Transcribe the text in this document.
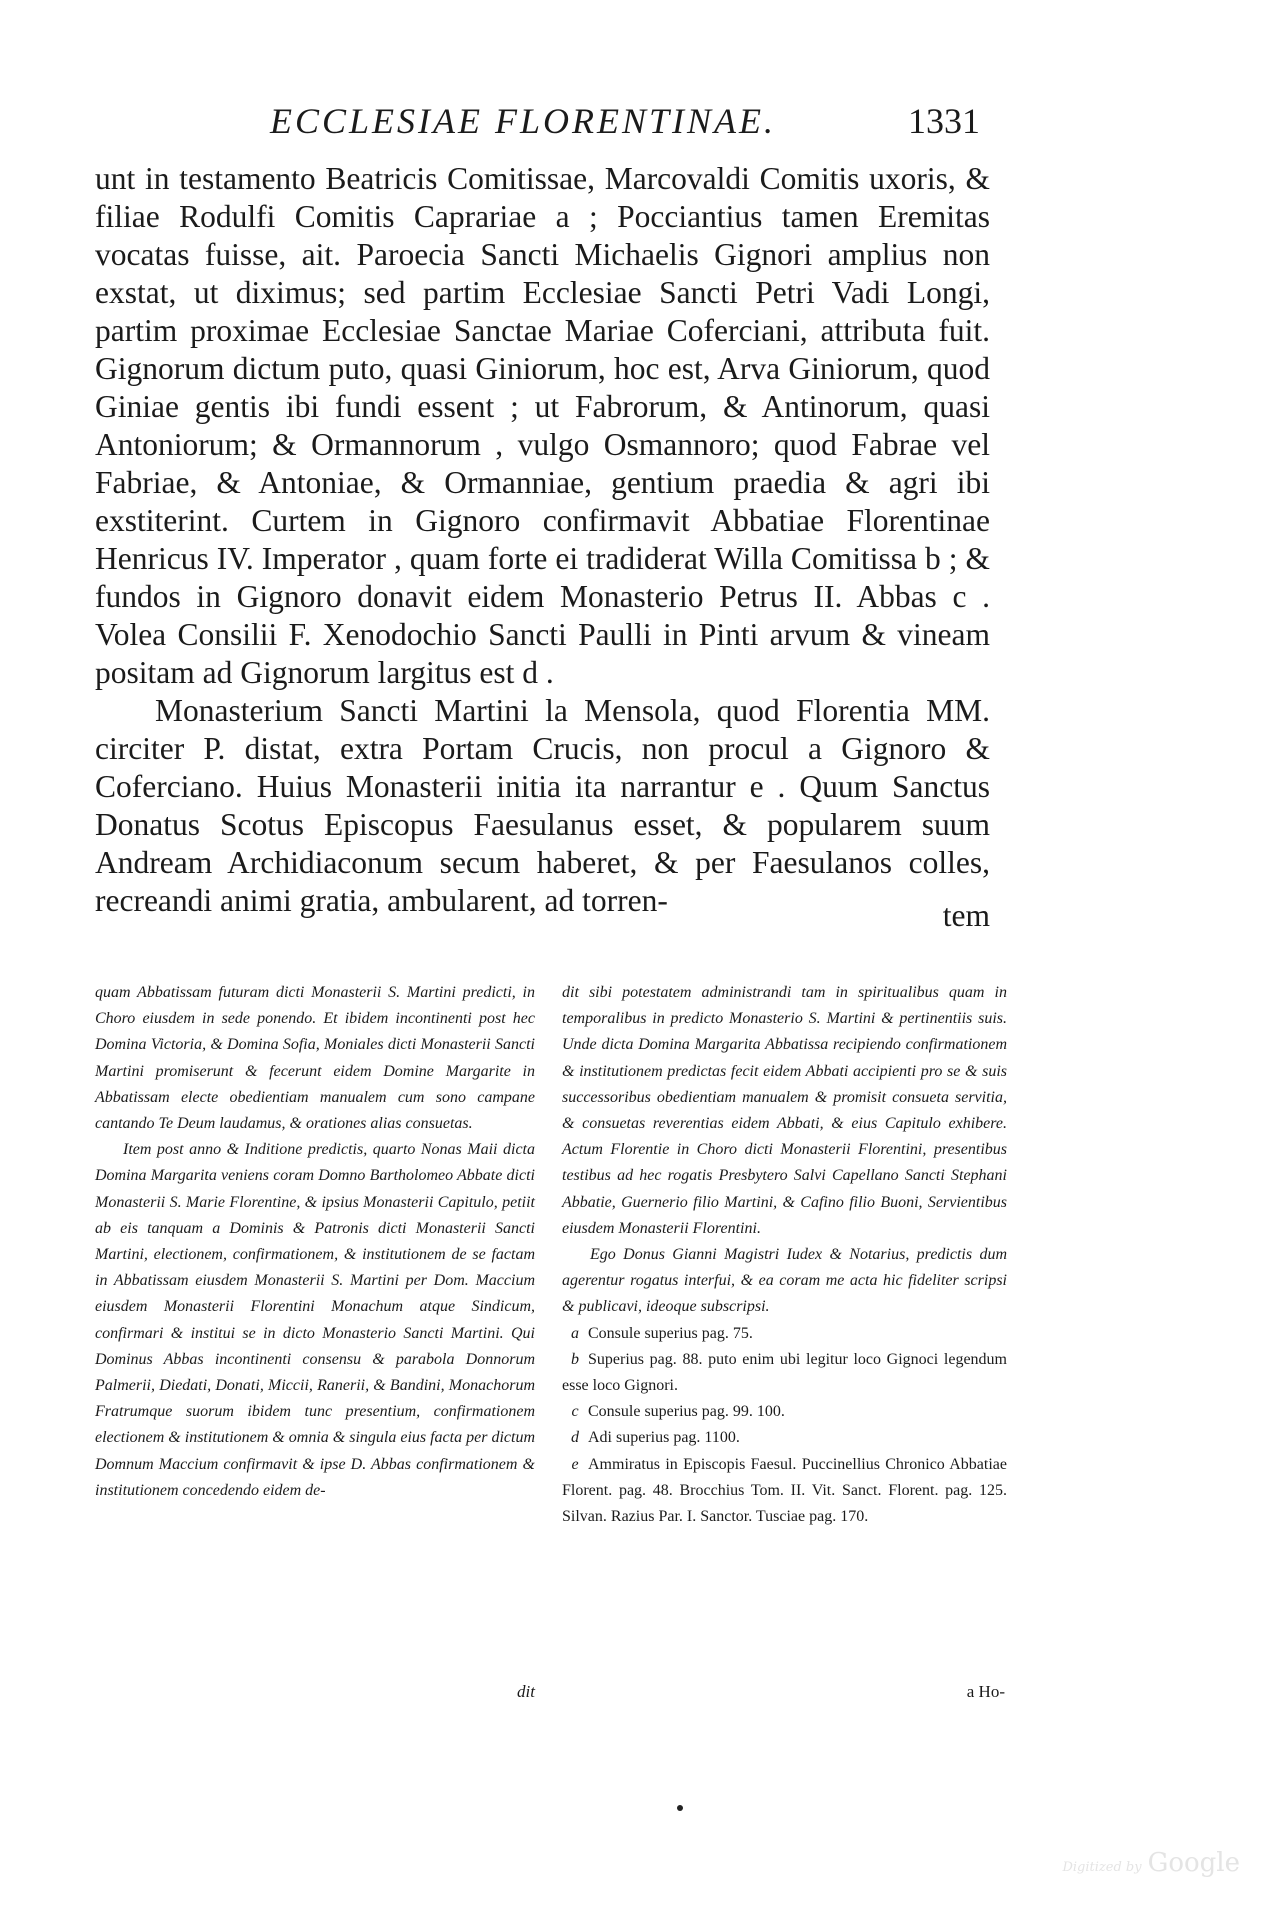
ECCLESIAE FLORENTINAE.	1331

unt in testamento Beatricis Comitissae, Marcovaldi Comitis uxoris, & filiae Rodulfi Comitis Caprariae a ; Pocciantius tamen Eremitas vocatas fuisse, ait. Paroecia Sancti Michaelis Gignori amplius non exstat, ut diximus; sed partim Ecclesiae Sancti Petri Vadi Longi, partim proximae Ecclesiae Sanctae Mariae Coferciani, attributa fuit. Gignorum dictum puto, quasi Giniorum, hoc est, Arva Giniorum, quod Giniae gentis ibi fundi essent ; ut Fabrorum, & Antinorum, quasi Antoniorum; & Ormannorum , vulgo Osmannoro; quod Fabrae vel Fabriae, & Antoniae, & Ormanniae, gentium praedia & agri ibi exstiterint. Curtem in Gignoro confirmavit Abbatiae Florentinae Henricus IV. Imperator , quam forte ei tradiderat Willa Comitissa b ; & fundos in Gignoro donavit eidem Monasterio Petrus II. Abbas c . Volea Consilii F. Xenodochio Sancti Paulli in Pinti arvum & vineam positam ad Gignorum largitus est d .

Monasterium Sancti Martini la Mensola, quod Florentia MM. circiter P. distat, extra Portam Crucis, non procul a Gignoro & Coferciano. Huius Monasterii initia ita narrantur e . Quum Sanctus Donatus Scotus Episcopus Faesulanus esset, & popularem suum Andream Archidiaconum secum haberet, & per Faesulanos colles, recreandi animi gratia, ambularent, ad torren-	tem

quam Abbatissam futuram dicti Monasterii S. Martini predicti, in Choro eiusdem in sede ponendo. Et ibidem incontinenti post hec Domina Victoria, & Domina Sofia, Moniales dicti Monasterii Sancti Martini promiserunt & fecerunt eidem Domine Margarite in Abbatissam electe obedientiam manualem cum sono campane cantando Te Deum laudamus, & orationes alias consuetas.

Item post anno & Inditione predictis, quarto Nonas Maii dicta Domina Margarita veniens coram Domno Bartholomeo Abbate dicti Monasterii S. Marie Florentine, & ipsius Monasterii Capitulo, petiit ab eis tanquam a Dominis & Patronis dicti Monasterii Sancti Martini, electionem, confirmationem, & institutionem de se factam in Abbatissam eiusdem Monasterii S. Martini per Dom. Maccium eiusdem Monasterii Florentini Monachum atque Sindicum, confirmari & institui se in dicto Monasterio Sancti Martini. Qui Dominus Abbas incontinenti consensu & parabola Donnorum Palmerii, Diedati, Donati, Miccii, Ranerii, & Bandini, Monachorum Fratrumque suorum ibidem tunc presentium, confirmationem electionem & institutionem & omnia & singula eius facta per dictum Domnum Maccium confirmavit & ipse D. Abbas confirmationem & institutionem concedendo eidem de-

dit

dit sibi potestatem administrandi tam in spiritualibus quam in temporalibus in predicto Monasterio S. Martini & pertinentiis suis. Unde dicta Domina Margarita Abbatissa recipiendo confirmationem & institutionem predictas fecit eidem Abbati accipienti pro se & suis successoribus obedientiam manualem & promisit consueta servitia, & consuetas reverentias eidem Abbati, & eius Capitulo exhibere. Actum Florentie in Choro dicti Monasterii Florentini, presentibus testibus ad hec rogatis Presbytero Salvi Capellano Sancti Stephani Abbatie, Guernerio filio Martini, & Cafino filio Buoni, Servientibus eiusdem Monasterii Florentini.

Ego Donus Gianni Magistri Iudex & Notarius, predictis dum agerentur rogatus interfui, & ea coram me acta hic fideliter scripsi & publicavi, ideoque subscripsi.

a Consule superius pag. 75.

b Superius pag. 88. puto enim ubi legitur loco Gignoci legendum esse loco Gignori.

c Consule superius pag. 99. 100.

d Adi superius pag. 1100.

e Ammiratus in Episcopis Faesul. Puccinellius Chronico Abbatiae Florent. pag. 48. Brocchius Tom. II. Vit. Sanct. Florent. pag. 125. Silvan. Razius Par. I. Sanctor. Tusciae pag. 170.

a Ho-
Digitized by Google
